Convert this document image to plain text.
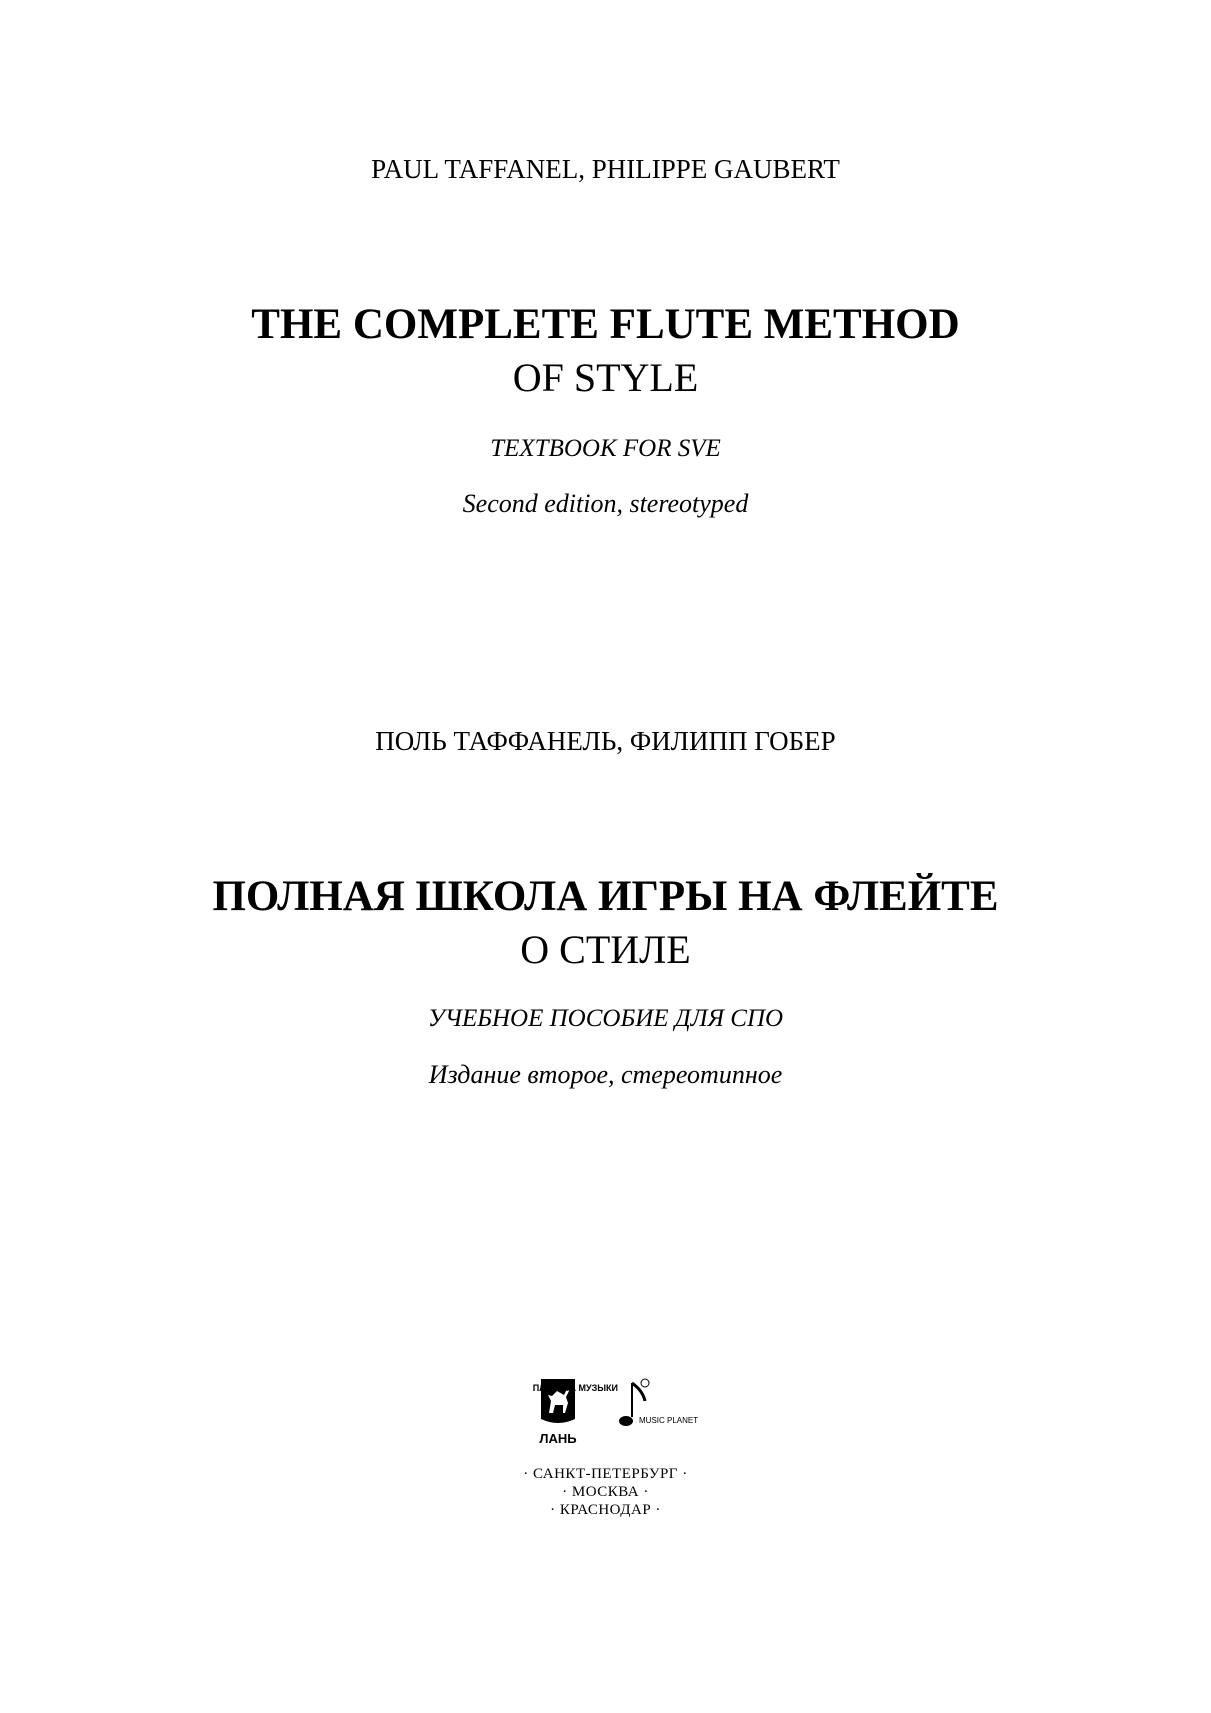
PAUL TAFFANEL, PHILIPPE GAUBERT
THE COMPLETE FLUTE METHOD
OF STYLE
TEXTBOOK FOR SVE
Second edition, stereotyped
ПОЛЬ ТАФФАНЕЛЬ, ФИЛИПП ГОБЕР
ПОЛНАЯ ШКОЛА ИГРЫ НА ФЛЕЙТЕ
О СТИЛЕ
УЧЕБНОЕ ПОСОБИЕ ДЛЯ СПО
Издание второе, стереотипное
ЛАНЬ
ПЛАНЕТА МУЗЫКИ
MUSIC PLANET
· САНКТ-ПЕТЕРБУРГ ·
· МОСКВА ·
· КРАСНОДАР ·
